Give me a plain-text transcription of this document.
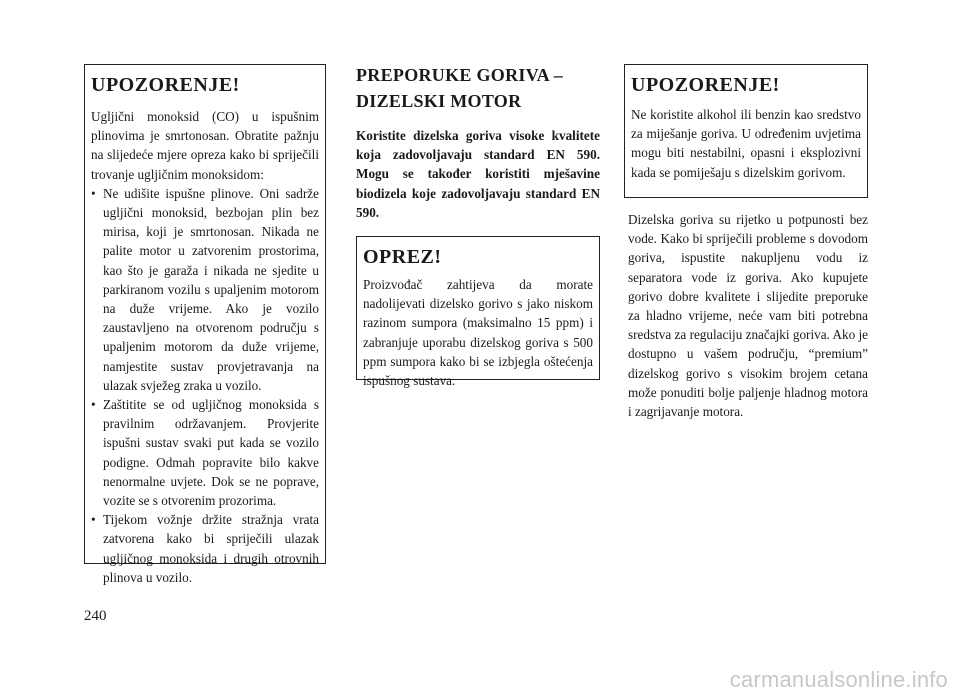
UPOZORENJE!

Ugljični monoksid (CO) u ispušnim plinovima je smrtonosan. Obratite pažnju na slijedeće mjere opreza kako bi spriječili trovanje ugljičnim monoksidom:

• Ne udišite ispušne plinove. Oni sadrže ugljični monoksid, bezbojan plin bez mirisa, koji je smrtonosan. Nikada ne palite motor u zatvorenim prostorima, kao što je garaža i nikada ne sjedite u parkiranom vozilu s upaljenim motorom na duže vrijeme. Ako je vozilo zaustavljeno na otvorenom području s upaljenim motorom da duže vrijeme, namjestite sustav provjetravanja na ulazak svježeg zraka u vozilo.
• Zaštitite se od ugljičnog monoksida s pravilnim održavanjem. Provjerite ispušni sustav svaki put kada se vozilo podigne. Odmah popravite bilo kakve nenormalne uvjete. Dok se ne poprave, vozite se s otvorenim prozorima.
• Tijekom vožnje držite stražnja vrata zatvorena kako bi spriječili ulazak ugljičnog monoksida i drugih otrovnih plinova u vozilo.
PREPORUKE GORIVA –
DIZELSKI MOTOR

Koristite dizelska goriva visoke kvalitete koja zadovoljavaju standard EN 590. Mogu se također koristiti mješavine biodizela koje zadovoljavaju standard EN 590.

OPREZ!

Proizvođač zahtijeva da morate nadolijevati dizelsko gorivo s jako niskom razinom sumpora (maksimalno 15 ppm) i zabranjuje uporabu dizelskog goriva s 500 ppm sumpora kako bi se izbjegla oštećenja ispušnog sustava.

UPOZORENJE!

Ne koristite alkohol ili benzin kao sredstvo za miješanje goriva. U određenim uvjetima mogu biti nestabilni, opasni i eksplozivni kada se pomiješaju s dizelskim gorivom.

Dizelska goriva su rijetko u potpunosti bez vode. Kako bi spriječili probleme s dovodom goriva, ispustite nakupljenu vodu iz separatora vode iz goriva. Ako kupujete gorivo dobre kvalitete i slijedite preporuke za hladno vrijeme, neće vam biti potrebna sredstva za regulaciju značajki goriva. Ako je dostupno u vašem području, “premium” dizelskog gorivo s visokim brojem cetana može ponuditi bolje paljenje hladnog motora i zagrijavanje motora.

240
carmanualsonline.info
